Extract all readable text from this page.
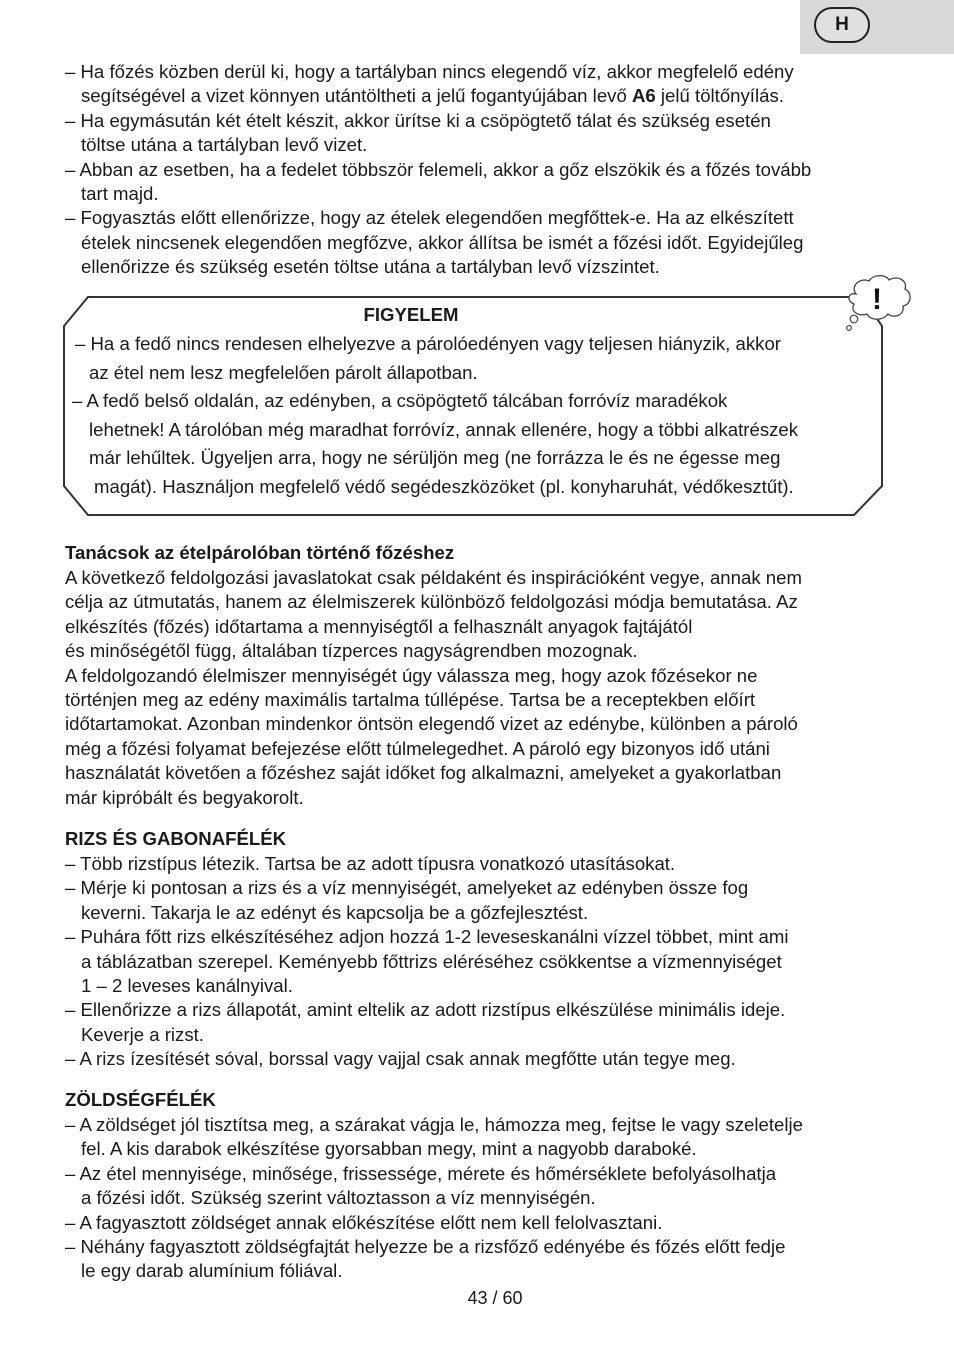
H
– Ha főzés közben derül ki, hogy a tartályban nincs elegendő víz, akkor megfelelő edény
segítségével a vizet könnyen utántöltheti a jelű fogantyújában levő A6 jelű töltőnyílás.
– Ha egymásután két ételt készit, akkor ürítse ki a csöpögtető tálat és szükség esetén
töltse utána a tartályban levő vizet.
– Abban az esetben, ha a fedelet többször felemeli, akkor a gőz elszökik és a főzés tovább
tart majd.
– Fogyasztás előtt ellenőrizze, hogy az ételek elegendően megfőttek-e. Ha az elkészített
ételek nincsenek elegendően megfőzve, akkor állítsa be ismét a főzési időt. Egyidejűleg
ellenőrizze és szükség esetén töltse utána a tartályban levő vízszintet.
FIGYELEM
– Ha a fedő nincs rendesen elhelyezve a párolóedényen vagy teljesen hiányzik, akkor
az étel nem lesz megfelelően párolt állapotban.
– A fedő belső oldalán, az edényben, a csöpögtető tálcában forróvíz maradékok
lehetnek! A tárolóban még maradhat forróvíz, annak ellenére, hogy a többi alkatrészek
már lehűltek. Ügyeljen arra, hogy ne sérüljön meg (ne forrázza le és ne égesse meg
magát). Használjon megfelelő védő segédeszközöket (pl. konyharuhát, védőkesztűt).
!
Tanácsok az ételpárolóban történő főzéshez
A következő feldolgozási javaslatokat csak példaként és inspirációként vegye, annak nem
célja az útmutatás, hanem az élelmiszerek különböző feldolgozási módja bemutatása. Az
elkészítés (főzés) időtartama a mennyiségtől a felhasznált anyagok fajtájától
és minőségétől függ, általában tízperces nagyságrendben mozognak.
A feldolgozandó élelmiszer mennyiségét úgy válassza meg, hogy azok főzésekor ne
történjen meg az edény maximális tartalma túllépése. Tartsa be a receptekben előírt
időtartamokat. Azonban mindenkor öntsön elegendő vizet az edénybe, különben a pároló
még a főzési folyamat befejezése előtt túlmelegedhet. A pároló egy bizonyos idő utáni
használatát követően a főzéshez saját időket fog alkalmazni, amelyeket a gyakorlatban
már kipróbált és begyakorolt.
RIZS ÉS GABONAFÉLÉK
– Több rizstípus létezik. Tartsa be az adott típusra vonatkozó utasításokat.
– Mérje ki pontosan a rizs és a víz mennyiségét, amelyeket az edényben össze fog
keverni. Takarja le az edényt és kapcsolja be a gőzfejlesztést.
– Puhára főtt rizs elkészítéséhez adjon hozzá 1-2 leveseskanálni vízzel többet, mint ami
a táblázatban szerepel. Keményebb főttrizs eléréséhez csökkentse a vízmennyiséget
1 – 2 leveses kanálnyival.
– Ellenőrizze a rizs állapotát, amint eltelik az adott rizstípus elkészülése minimális ideje.
Keverje a rizst.
– A rizs ízesítését sóval, borssal vagy vajjal csak annak megfőtte után tegye meg.
ZÖLDSÉGFÉLÉK
– A zöldséget jól tisztítsa meg, a szárakat vágja le, hámozza meg, fejtse le vagy szeletelje
fel. A kis darabok elkészítése gyorsabban megy, mint a nagyobb daraboké.
– Az étel mennyisége, minősége, frissessége, mérete és hőmérséklete befolyásolhatja
a főzési időt. Szükség szerint változtasson a víz mennyiségén.
– A fagyasztott zöldséget annak előkészítése előtt nem kell felolvasztani.
– Néhány fagyasztott zöldségfajtát helyezze be a rizsfőző edényébe és főzés előtt fedje
le egy darab alumínium fóliával.
43 / 60
